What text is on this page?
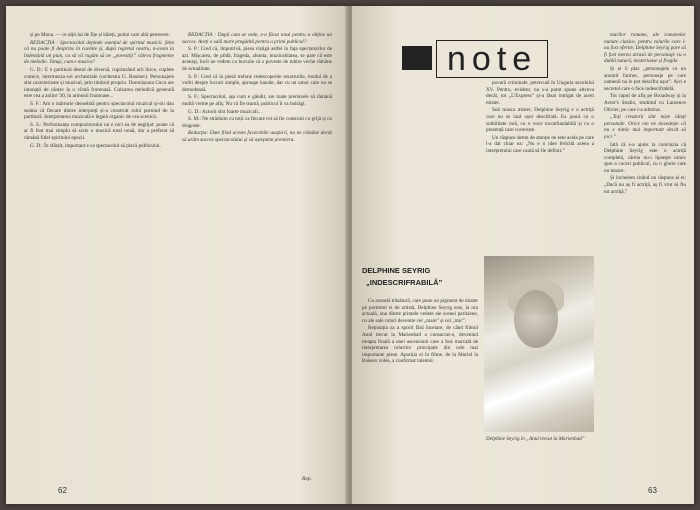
și pe Mona. — ce alții lui de Ețe și băieți, putini care altă petrecere.

REDACȚIA : Spectacolul depinde esențial de spiritul muzicii. Știm că nu poate fi desprins în cuvinte și, după regretul nostru, n-avem la îndemână un pian, ca să vă rugăm să ne „povestiți” câteva fragmente de melodie. Totuși, cum e muzica?

G. D.: E o partitură destul de diversă, cuprinzând arii lirice, cuplete comice, intermezzo-uri orchestrale (orchestra G. Rosmer). Personajele sînt caracterizate și muzical, prin timbrul propriu. Domnișoara Cucu are intonații de cântec la o vîrstă frumoasă. Culoarea melodică generală este cea a anilor '30, în armonii frumoase...

S. F.: Am o mărturie deosebită pentru spectacolul muzical și-mi dau seama că fiecare dintre interpreți și-a construit rolul pornind de la partitură. Interpretarea muzicală e legată organic de cea scenică.

S. S.: Performanța compozitorului nu e nici ea de neglijat: poate că ar fi fost mai simplu să scrie o muzică total nouă, dar a preferat să rămână fidel spiritului epocii.

G. D.: În sfârșit, important e ca spectacolul să placă publicului.

REDACȚIA : După cum se vede, s-a făcut totul pentru a obține un succes. Aveți o sală mare pregătită pentru a primi publicul?

S. P.: Cred că, împotrivă, piesa cîștigă astfel în fața spectatorilor de azi. Mișcarea, de pildă, frageda, abunta, muzicalitatea, se pare că este aceeași, încît ne vedem cu bucurie că o poveste de iubire veche rămâne de actualitate.

S. P.: Cred că în piesă trebuie redescoperite resorturile, modul de a vorbi despre lucruri simple, aproape banale, dar cu un umor care nu se demodează.

S. F.: Spectacolul, așa cum e gândit, are toate premisele să rămână multă vreme pe afiș. Nu vă fie teamă, publicul îl va îndrăgi.

G. D.: Actorii sînt foarte muzicali...

S. M.: Ne străduim cu toții ca fiecare rol să fie construit cu grijă și cu dragoste.

Redacția: Date fiind aceste favorabile auspicii, nu ne rămâne decât să urăm succes spectacolului și să așteptăm premiera.

Rep.
62
note
DELPHINE SEYRIG
„INDESCRIFRABILĂ”

Cu această trăsătură, care pune un pigment de mister pe portretul ei de artistă, Delphine Seyrig este, la ora actuală, una dintre primele vedete ale scenei pariziene, cu ale sale roluri devenite cel „mare” și cel „mic”.

Reputația sa a sporit fără încetare, de când filmul Anul trecut la Marienbad a consacrat-o, devenind treapta finală a unei ascensiuni care a fost marcată de interpretarea rolurilor principale din cele mai importante piese. Apariția ei în filme, de la Muriel la Baisers volés, a confirmat talentul.

povară criminale, petrecută în Ungaria secolului XV. Pentru, evident, nu s-a putut spune altceva decât, tot „L'Express” și-a lăsat intrigat de acest mister.

Sub masca mister, Delphine Seyrig e o actriță care nu se lasă ușor descifrată. Ea joacă cu o subtilitate rară, cu o voce inconfundabilă și cu o prezență care cucerește.

Un răspuns demn de atenție ne este acela pe care l-a dat chiar ea: „Nu e o idee fericită aceea a interpretului care caută să fie definit.”

Delphine Seyrig în „Anul trecut la Marienbad”

marilor romane, ale romanelor nunate clasice, pentru rolurile care i-au fost oferite, Delphine Seyrig pare să fi fost mereu atrasă de personaje cu o dublă natură, misterioase și fragile.

Și ei îi plac „personajele cu un anumit farmec, personaje pe care oamenii nu le pot descifra ușor”. Aici e secretul care o face indescifrabilă.

Tot capul de afiș pe Broadway și la Actor's Studio, studiind cu Laurence Olivier, pe care l-a admirat.

„Toți creatorii sînt niște idioți personale. Orice om ne dovedește că nu e nimic mai important decât să joci.”

Iată că s-a ajuns la concluzia că Delphine Seyrig este o actriță completă, căreia nu-i lipsește nimic spre a cuceri publicul, cu o glorie care nu moare.

Și încheiem citând un răspuns al ei: „Dacă nu aș fi actriță, aș fi vrut să fiu tot actriță.”

63
